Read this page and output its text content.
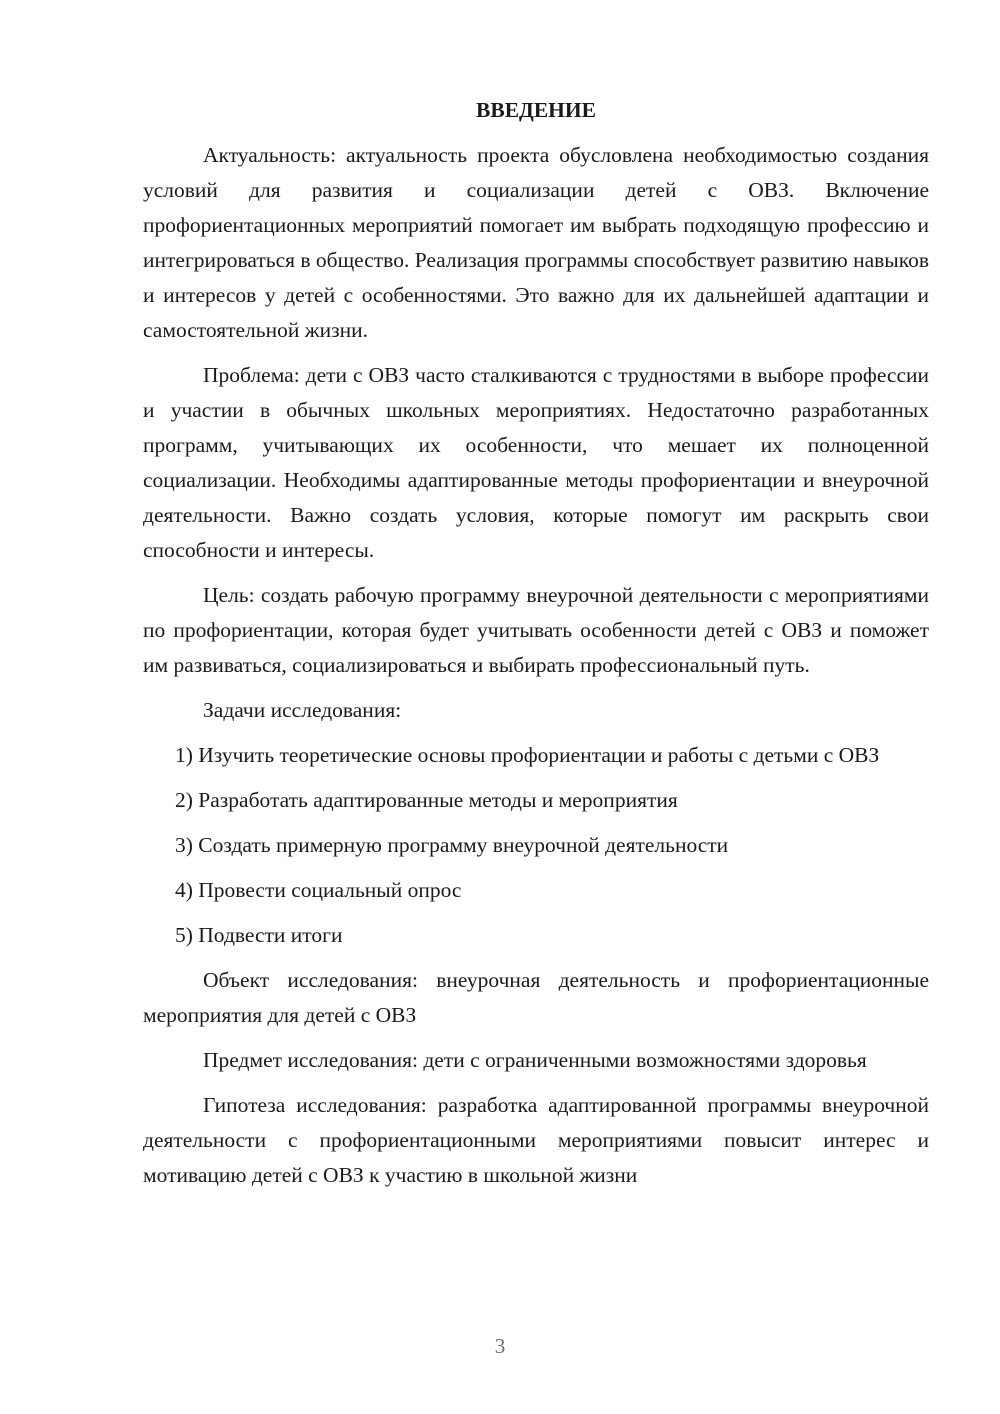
ВВЕДЕНИЕ

Актуальность: актуальность проекта обусловлена необходимостью создания условий для развития и социализации детей с ОВЗ. Включение профориентационных мероприятий помогает им выбрать подходящую профессию и интегрироваться в общество. Реализация программы способствует развитию навыков и интересов у детей с особенностями. Это важно для их дальнейшей адаптации и самостоятельной жизни.

Проблема: дети с ОВЗ часто сталкиваются с трудностями в выборе профессии и участии в обычных школьных мероприятиях. Недостаточно разработанных программ, учитывающих их особенности, что мешает их полноценной социализации. Необходимы адаптированные методы профориентации и внеурочной деятельности. Важно создать условия, которые помогут им раскрыть свои способности и интересы.

Цель: создать рабочую программу внеурочной деятельности с мероприятиями по профориентации, которая будет учитывать особенности детей с ОВЗ и поможет им развиваться, социализироваться и выбирать профессиональный путь.

Задачи исследования:

1) Изучить теоретические основы профориентации и работы с детьми с ОВЗ

2) Разработать адаптированные методы и мероприятия

3) Создать примерную программу внеурочной деятельности

4) Провести социальный опрос

5) Подвести итоги

Объект исследования: внеурочная деятельность и профориентационные мероприятия для детей с ОВЗ

Предмет исследования: дети с ограниченными возможностями здоровья

Гипотеза исследования: разработка адаптированной программы внеурочной деятельности с профориентационными мероприятиями повысит интерес и мотивацию детей с ОВЗ к участию в школьной жизни

3
